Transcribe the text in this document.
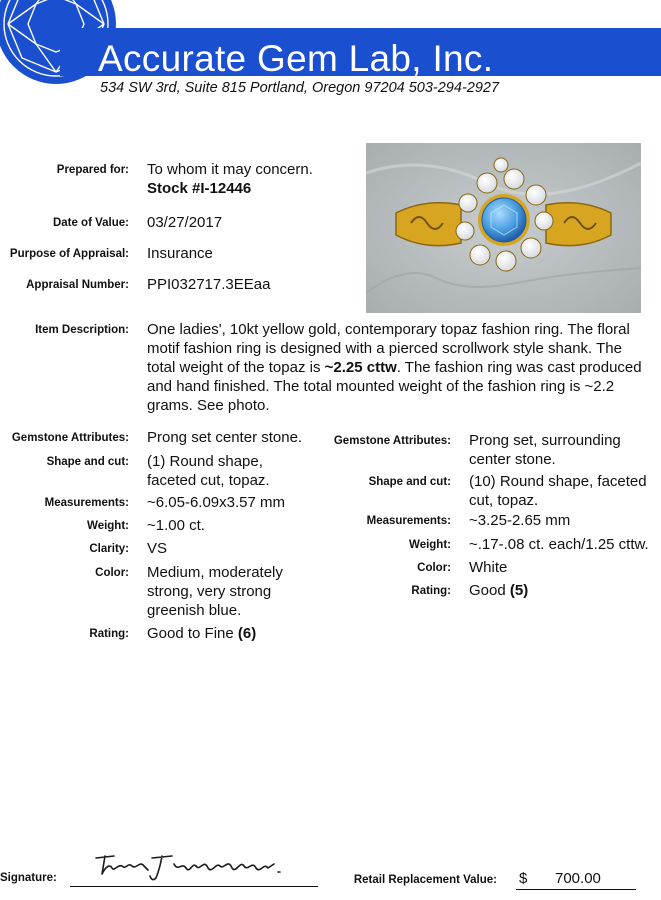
Accurate Gem Lab, Inc.
534 SW 3rd, Suite 815 Portland, Oregon 97204 503-294-2927
Prepared for: To whom it may concern.
Stock #I-12446
Date of Value: 03/27/2017
Purpose of Appraisal: Insurance
Appraisal Number: PPI032717.3EEaa
Item Description: One ladies', 10kt yellow gold, contemporary topaz fashion ring. The floral motif fashion ring is designed with a pierced scrollwork style shank. The total weight of the topaz is ~2.25 cttw. The fashion ring was cast produced and hand finished. The total mounted weight of the fashion ring is ~2.2 grams. See photo.
Gemstone Attributes: Prong set center stone.
Shape and cut: (1) Round shape, faceted cut, topaz.
Measurements: ~6.05-6.09x3.57 mm
Weight: ~1.00 ct.
Clarity: VS
Color: Medium, moderately strong, very strong greenish blue.
Rating: Good to Fine (6)
Gemstone Attributes: Prong set, surrounding center stone.
Shape and cut: (10) Round shape, faceted cut, topaz.
Measurements: ~3.25-2.65 mm
Weight: ~.17-.08 ct. each/1.25 cttw.
Color: White
Rating: Good (5)
Signature:	Retail Replacement Value: $ 700.00
